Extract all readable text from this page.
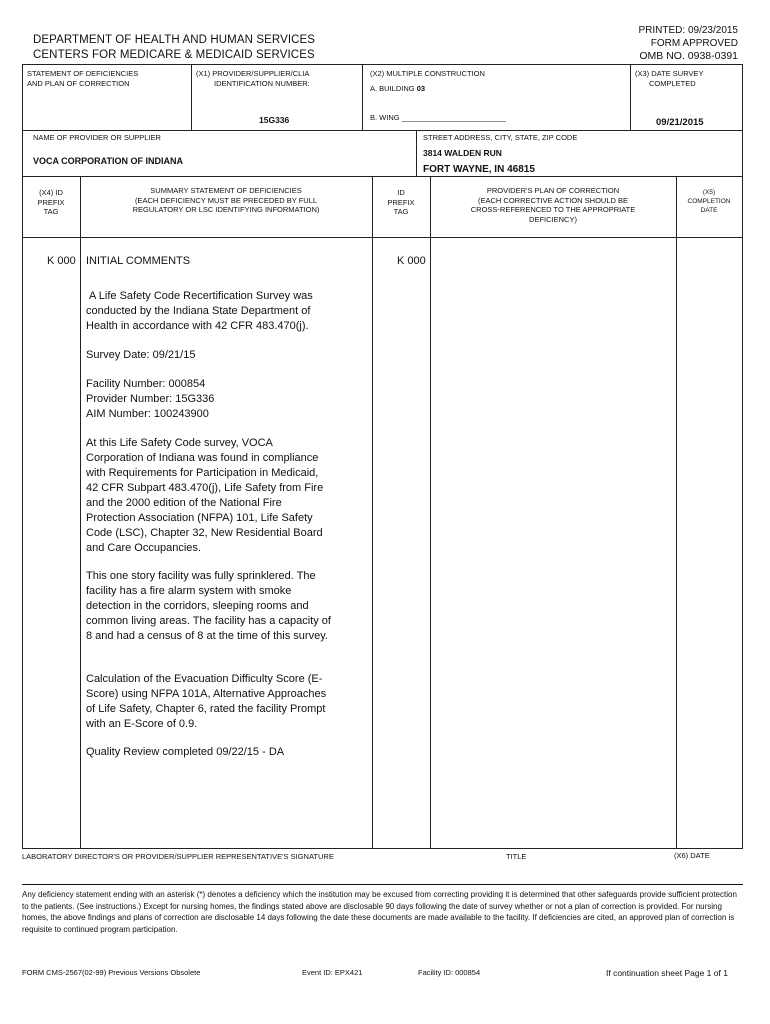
PRINTED: 09/23/2015
FORM APPROVED
OMB NO. 0938-0391
DEPARTMENT OF HEALTH AND HUMAN SERVICES
CENTERS FOR MEDICARE & MEDICAID SERVICES
STATEMENT OF DEFICIENCIES
AND PLAN OF CORRECTION
(X1) PROVIDER/SUPPLIER/CLIA
IDENTIFICATION NUMBER:
15G336
(X2) MULTIPLE CONSTRUCTION
A. BUILDING 03
B. WING _________________________
(X3) DATE SURVEY
COMPLETED
09/21/2015
NAME OF PROVIDER OR SUPPLIER
VOCA CORPORATION OF INDIANA
STREET ADDRESS, CITY, STATE, ZIP CODE
3814 WALDEN RUN
FORT WAYNE, IN 46815
(X4) ID
PREFIX
TAG
SUMMARY STATEMENT OF DEFICIENCIES
(EACH DEFICIENCY MUST BE PRECEDED BY FULL
REGULATORY OR LSC IDENTIFYING INFORMATION)
ID
PREFIX
TAG
PROVIDER'S PLAN OF CORRECTION
(EACH CORRECTIVE ACTION SHOULD BE
CROSS-REFERENCED TO THE APPROPRIATE
DEFICIENCY)
(X5)
COMPLETION
DATE
K 000	K 000
INITIAL COMMENTS
A Life Safety Code Recertification Survey was conducted by the Indiana State Department of Health in accordance with 42 CFR 483.470(j).
Survey Date: 09/21/15
Facility Number: 000854
Provider Number: 15G336
AIM Number: 100243900
At this Life Safety Code survey, VOCA Corporation of Indiana was found in compliance with Requirements for Participation in Medicaid, 42 CFR Subpart 483.470(j), Life Safety from Fire and the 2000 edition of the National Fire Protection Association (NFPA) 101, Life Safety Code (LSC), Chapter 32, New Residential Board and Care Occupancies.
This one story facility was fully sprinklered. The facility has a fire alarm system with smoke detection in the corridors, sleeping rooms and common living areas. The facility has a capacity of 8 and had a census of 8 at the time of this survey.
Calculation of the Evacuation Difficulty Score (E-Score) using NFPA 101A, Alternative Approaches of Life Safety, Chapter 6, rated the facility Prompt with an E-Score of 0.9.
Quality Review completed 09/22/15 - DA
LABORATORY DIRECTOR'S OR PROVIDER/SUPPLIER REPRESENTATIVE'S SIGNATURE	TITLE	(X6) DATE
Any deficiency statement ending with an asterisk (*) denotes a deficiency which the institution may be excused from correcting providing it is determined that other safeguards provide sufficient protection to the patients. (See instructions.) Except for nursing homes, the findings stated above are disclosable 90 days following the date of survey whether or not a plan of correction is provided. For nursing homes, the above findings and plans of correction are disclosable 14 days following the date these documents are made available to the facility. If deficiencies are cited, an approved plan of correction is requisite to continued program participation.
FORM CMS-2567(02-99) Previous Versions Obsolete	Event ID: EPX421	Facility ID: 000854	If continuation sheet Page 1 of 1
